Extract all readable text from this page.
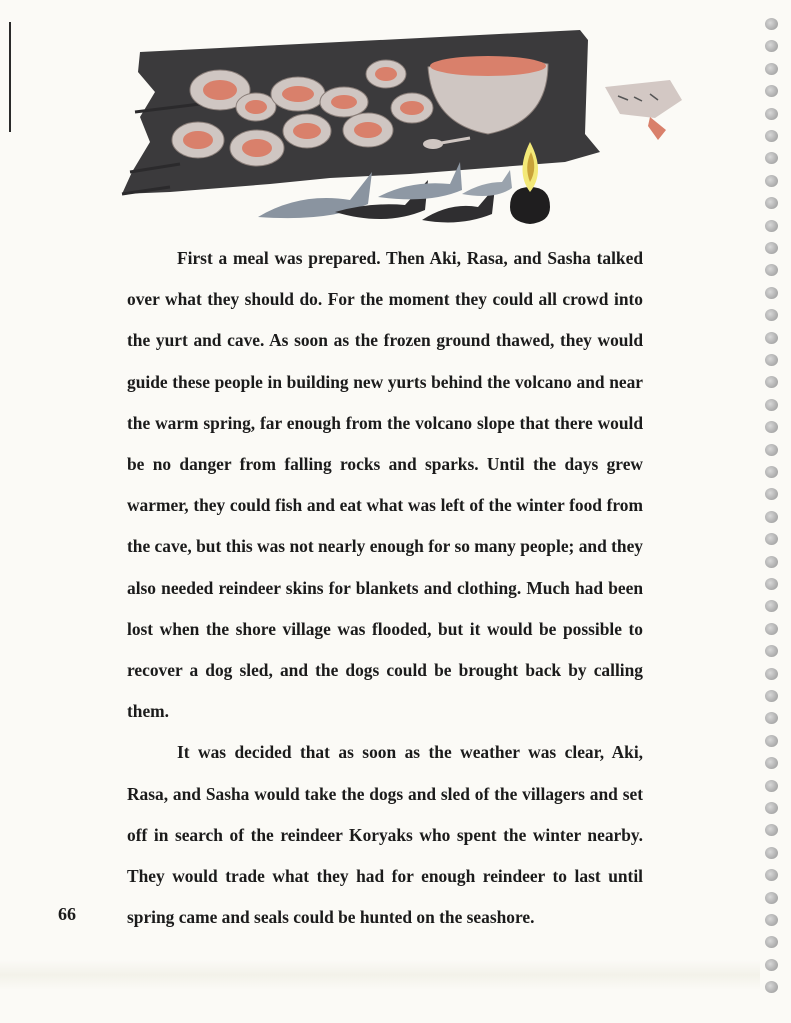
First a meal was prepared. Then Aki, Rasa, and Sasha talked over what they should do. For the moment they could all crowd into the yurt and cave. As soon as the frozen ground thawed, they would guide these people in building new yurts behind the volcano and near the warm spring, far enough from the volcano slope that there would be no danger from falling rocks and sparks. Until the days grew warmer, they could fish and eat what was left of the winter food from the cave, but this was not nearly enough for so many people; and they also needed reindeer skins for blankets and clothing. Much had been lost when the shore village was flooded, but it would be possible to recover a dog sled, and the dogs could be brought back by calling them.

It was decided that as soon as the weather was clear, Aki, Rasa, and Sasha would take the dogs and sled of the villagers and set off in search of the reindeer Koryaks who spent the winter nearby. They would trade what they had for enough reindeer to last until spring came and seals could be hunted on the seashore.

66
